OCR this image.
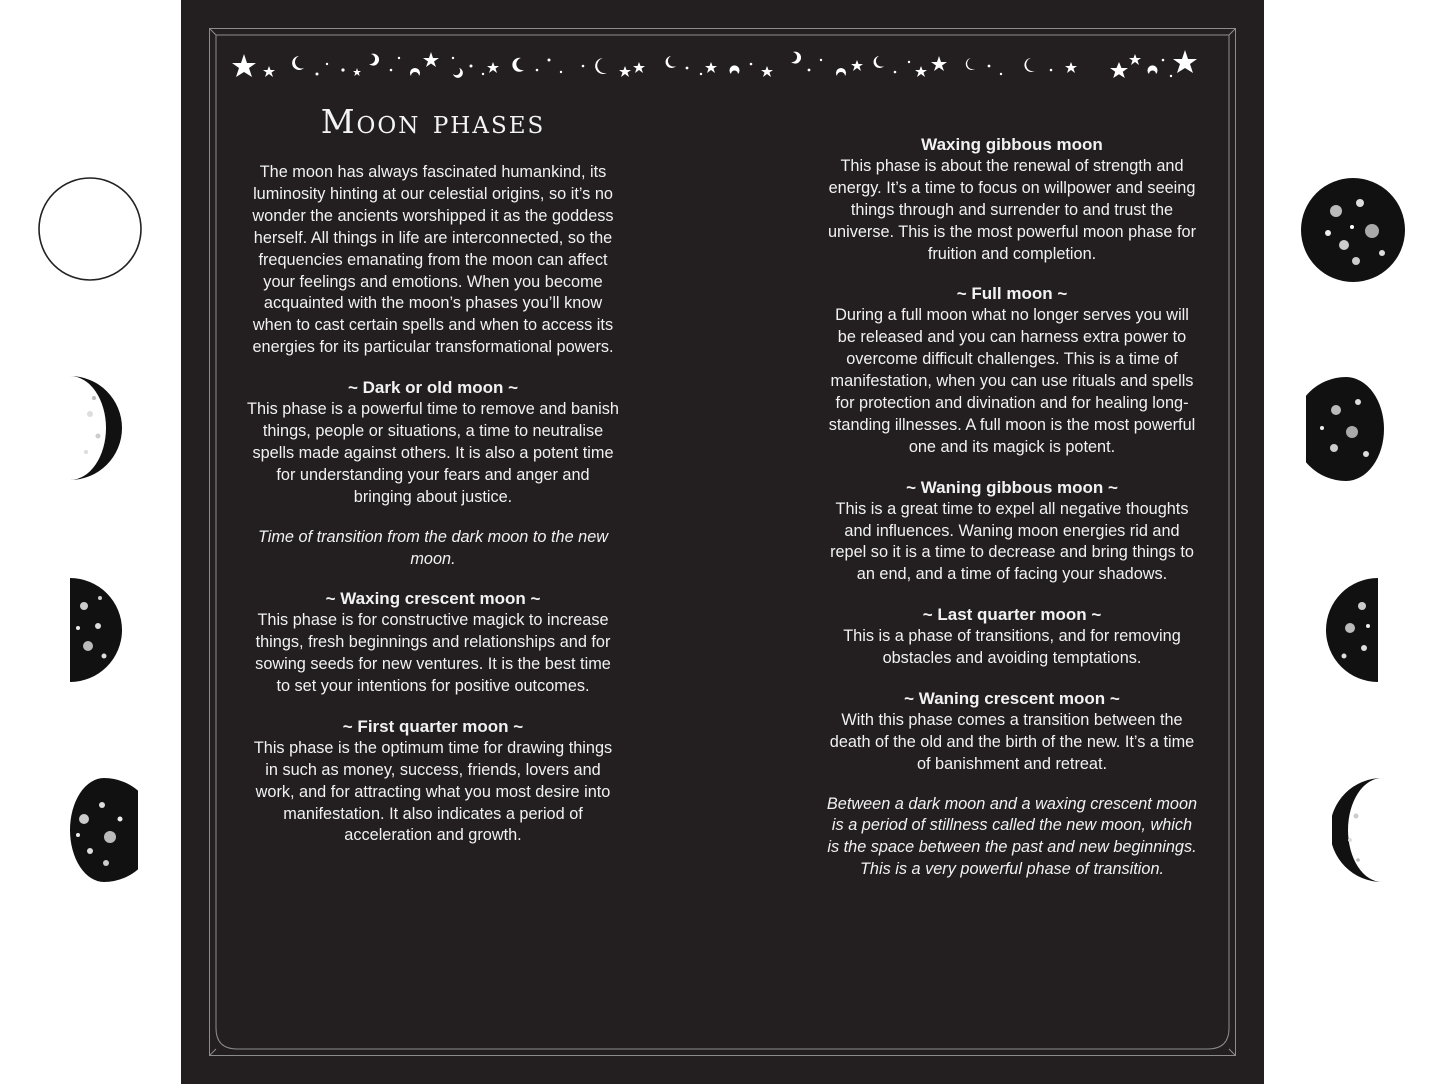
Moon phases

The moon has always fascinated humankind, its luminosity hinting at our celestial origins, so it’s no wonder the ancients worshipped it as the goddess herself. All things in life are interconnected, so the frequencies emanating from the moon can affect your feelings and emotions. When you become acquainted with the moon’s phases you’ll know when to cast certain spells and when to access its energies for its particular transformational powers.

~ Dark or old moon ~

This phase is a powerful time to remove and banish things, people or situations, a time to neutralise spells made against others. It is also a potent time for understanding your fears and anger and bringing about justice.

Time of transition from the dark moon to the new moon.

~ Waxing crescent moon ~

This phase is for constructive magick to increase things, fresh beginnings and relationships and for sowing seeds for new ventures. It is the best time to set your intentions for positive outcomes.

~ First quarter moon ~

This phase is the optimum time for drawing things in such as money, success, friends, lovers and work, and for attracting what you most desire into manifestation. It also indicates a period of acceleration and growth.

Waxing gibbous moon

This phase is about the renewal of strength and energy. It’s a time to focus on willpower and seeing things through and surrender to and trust the universe. This is the most powerful moon phase for fruition and completion.

~ Full moon ~

During a full moon what no longer serves you will be released and you can harness extra power to overcome difficult challenges. This is a time of manifestation, when you can use rituals and spells for protection and divination and for healing long-standing illnesses. A full moon is the most powerful one and its magick is potent.

~ Waning gibbous moon ~

This is a great time to expel all negative thoughts and influences. Waning moon energies rid and repel so it is a time to decrease and bring things to an end, and a time of facing your shadows.

~ Last quarter moon ~

This is a phase of transitions, and for removing obstacles and avoiding temptations.

~ Waning crescent moon ~

With this phase comes a transition between the death of the old and the birth of the new. It’s a time of banishment and retreat.

Between a dark moon and a waxing crescent moon is a period of stillness called the new moon, which is the space between the past and new beginnings. This is a very powerful phase of transition.
